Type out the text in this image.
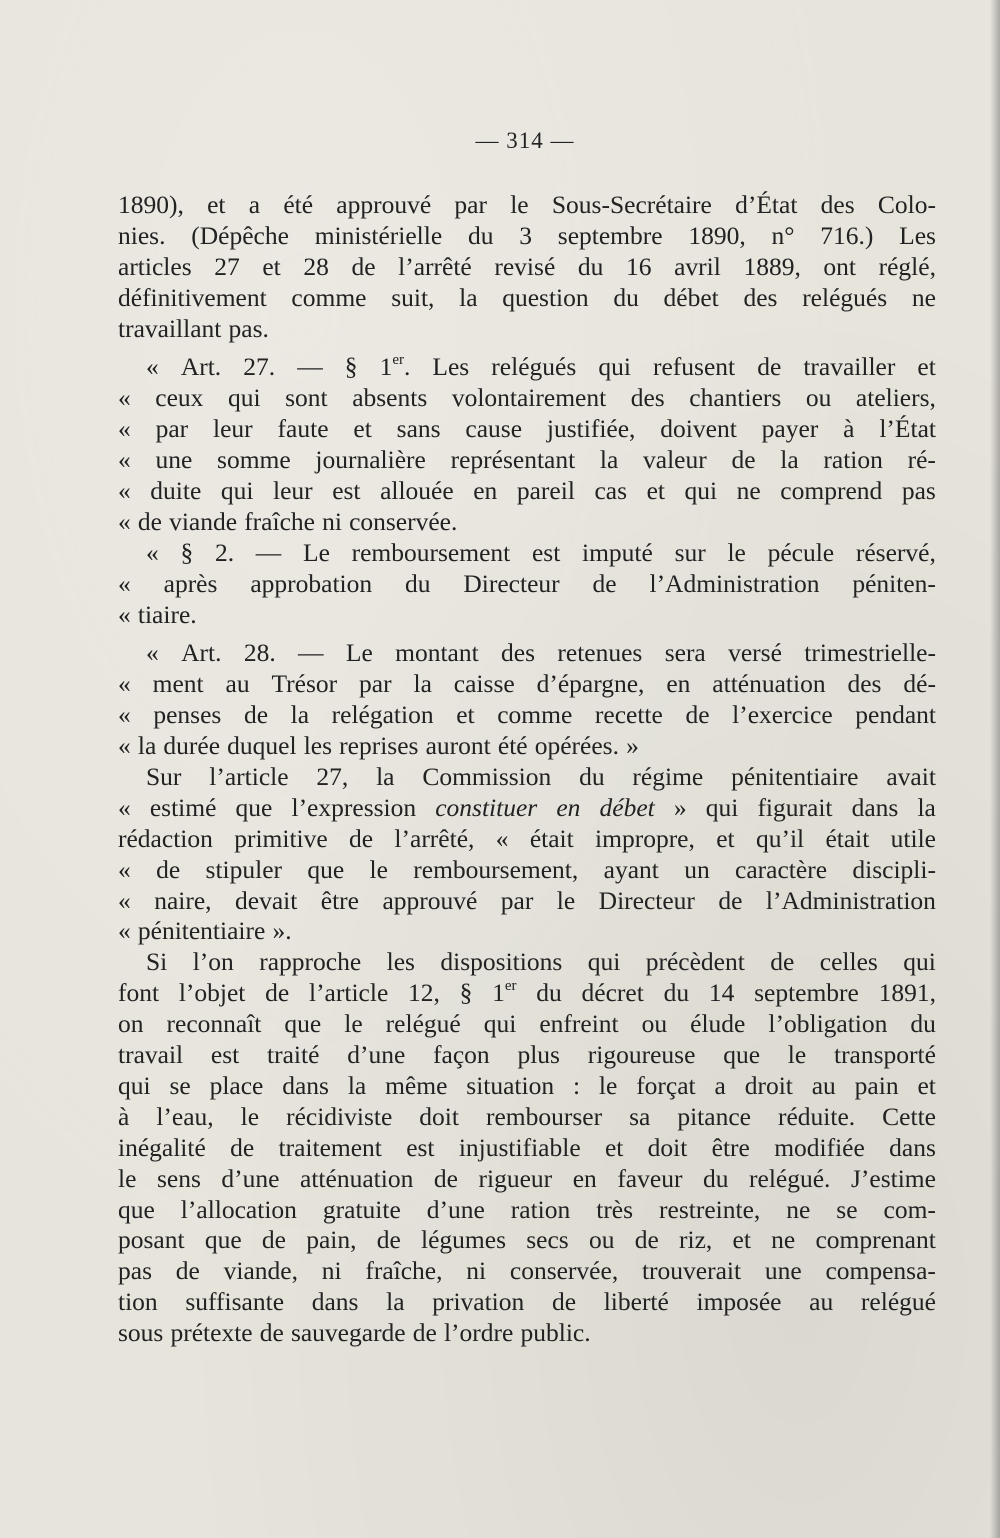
— 314 —
1890), et a été approuvé par le Sous-Secrétaire d’État des Colo-
nies. (Dépêche ministérielle du 3 septembre 1890, n° 716.) Les
articles 27 et 28 de l’arrêté revisé du 16 avril 1889, ont réglé,
définitivement comme suit, la question du débet des relégués ne
travaillant pas.
« Art. 27. — § 1er. Les relégués qui refusent de travailler et
« ceux qui sont absents volontairement des chantiers ou ateliers,
« par leur faute et sans cause justifiée, doivent payer à l’État
« une somme journalière représentant la valeur de la ration ré-
« duite qui leur est allouée en pareil cas et qui ne comprend pas
« de viande fraîche ni conservée.
« § 2. — Le remboursement est imputé sur le pécule réservé,
« après approbation du Directeur de l’Administration péniten-
« tiaire.
« Art. 28. — Le montant des retenues sera versé trimestrielle-
« ment au Trésor par la caisse d’épargne, en atténuation des dé-
« penses de la relégation et comme recette de l’exercice pendant
« la durée duquel les reprises auront été opérées. »
Sur l’article 27, la Commission du régime pénitentiaire avait
« estimé que l’expression constituer en débet » qui figurait dans la
rédaction primitive de l’arrêté, « était impropre, et qu’il était utile
« de stipuler que le remboursement, ayant un caractère discipli-
« naire, devait être approuvé par le Directeur de l’Administration
« pénitentiaire ».
Si l’on rapproche les dispositions qui précèdent de celles qui
font l’objet de l’article 12, § 1er du décret du 14 septembre 1891,
on reconnaît que le relégué qui enfreint ou élude l’obligation du
travail est traité d’une façon plus rigoureuse que le transporté
qui se place dans la même situation : le forçat a droit au pain et
à l’eau, le récidiviste doit rembourser sa pitance réduite. Cette
inégalité de traitement est injustifiable et doit être modifiée dans
le sens d’une atténuation de rigueur en faveur du relégué. J’estime
que l’allocation gratuite d’une ration très restreinte, ne se com-
posant que de pain, de légumes secs ou de riz, et ne comprenant
pas de viande, ni fraîche, ni conservée, trouverait une compensa-
tion suffisante dans la privation de liberté imposée au relégué
sous prétexte de sauvegarde de l’ordre public.
